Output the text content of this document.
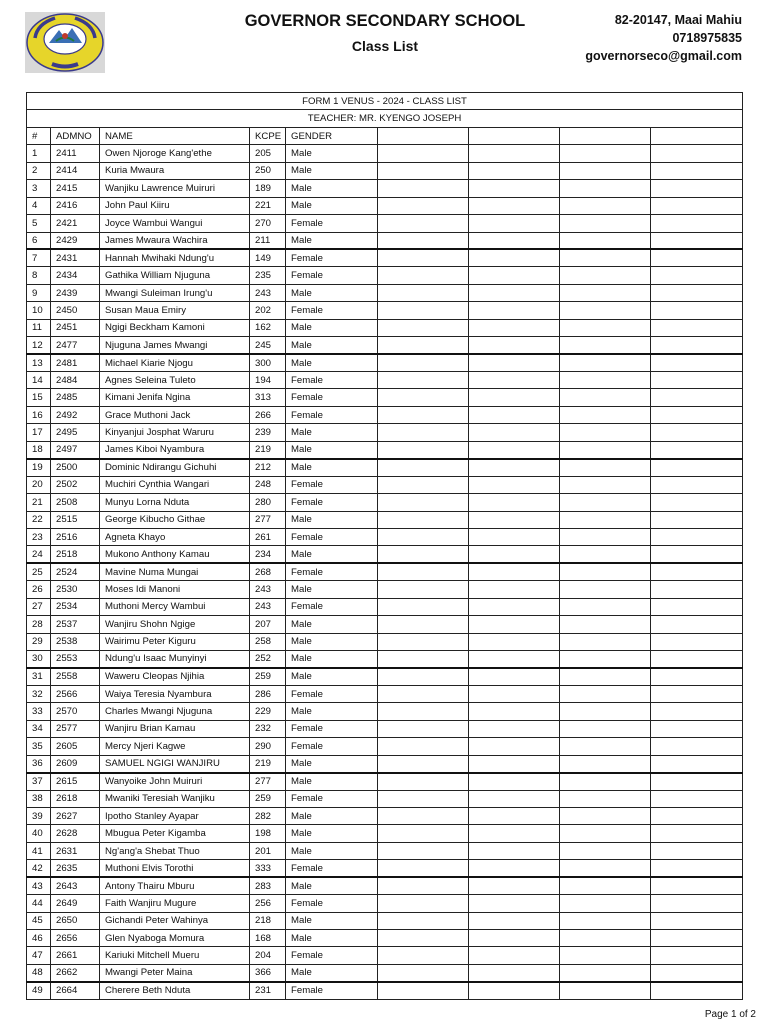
GOVERNOR SECONDARY SCHOOL
Class List
82-20147, Maai Mahiu
0718975835
governorseco@gmail.com
FORM 1 VENUS - 2024 - CLASS LIST								
TEACHER: MR. KYENGO JOSEPH								
#	ADMNO	NAME	KCPE	GENDER				
1	2411	Owen Njoroge Kang'ethe	205	Male				
2	2414	Kuria Mwaura	250	Male				
3	2415	Wanjiku Lawrence Muiruri	189	Male				
4	2416	John Paul Kiiru	221	Male				
5	2421	Joyce Wambui Wangui	270	Female				
6	2429	James Mwaura Wachira	211	Male				
7	2431	Hannah Mwihaki Ndung'u	149	Female				
8	2434	Gathika William Njuguna	235	Female				
9	2439	Mwangi Suleiman Irung'u	243	Male				
10	2450	Susan Maua Emiry	202	Female				
11	2451	Ngigi Beckham Kamoni	162	Male				
12	2477	Njuguna James Mwangi	245	Male				
13	2481	Michael Kiarie Njogu	300	Male				
14	2484	Agnes Seleina Tuleto	194	Female				
15	2485	Kimani Jenifa Ngina	313	Female				
16	2492	Grace Muthoni Jack	266	Female				
17	2495	Kinyanjui Josphat Waruru	239	Male				
18	2497	James Kiboi Nyambura	219	Male				
19	2500	Dominic Ndirangu Gichuhi	212	Male				
20	2502	Muchiri Cynthia Wangari	248	Female				
21	2508	Munyu Lorna Nduta	280	Female				
22	2515	George Kibucho Githae	277	Male				
23	2516	Agneta Khayo	261	Female				
24	2518	Mukono Anthony Kamau	234	Male				
25	2524	Mavine Numa Mungai	268	Female				
26	2530	Moses Idi Manoni	243	Male				
27	2534	Muthoni Mercy Wambui	243	Female				
28	2537	Wanjiru Shohn Ngige	207	Male				
29	2538	Wairimu Peter Kiguru	258	Male				
30	2553	Ndung'u Isaac Munyinyi	252	Male				
31	2558	Waweru Cleopas Njihia	259	Male				
32	2566	Waiya Teresia Nyambura	286	Female				
33	2570	Charles Mwangi Njuguna	229	Male				
34	2577	Wanjiru Brian Kamau	232	Female				
35	2605	Mercy Njeri Kagwe	290	Female				
36	2609	SAMUEL NGIGI WANJIRU	219	Male				
37	2615	Wanyoike John Muiruri	277	Male				
38	2618	Mwaniki Teresiah Wanjiku	259	Female				
39	2627	Ipotho Stanley Ayapar	282	Male				
40	2628	Mbugua Peter Kigamba	198	Male				
41	2631	Ng'ang'a Shebat Thuo	201	Male				
42	2635	Muthoni Elvis Torothi	333	Female				
43	2643	Antony Thairu Mburu	283	Male				
44	2649	Faith Wanjiru Mugure	256	Female				
45	2650	Gichandi Peter Wahinya	218	Male				
46	2656	Glen Nyaboga Momura	168	Male				
47	2661	Kariuki Mitchell Mueru	204	Female				
48	2662	Mwangi Peter Maina	366	Male				
49	2664	Cherere Beth Nduta	231	Female				
Page 1 of 2
